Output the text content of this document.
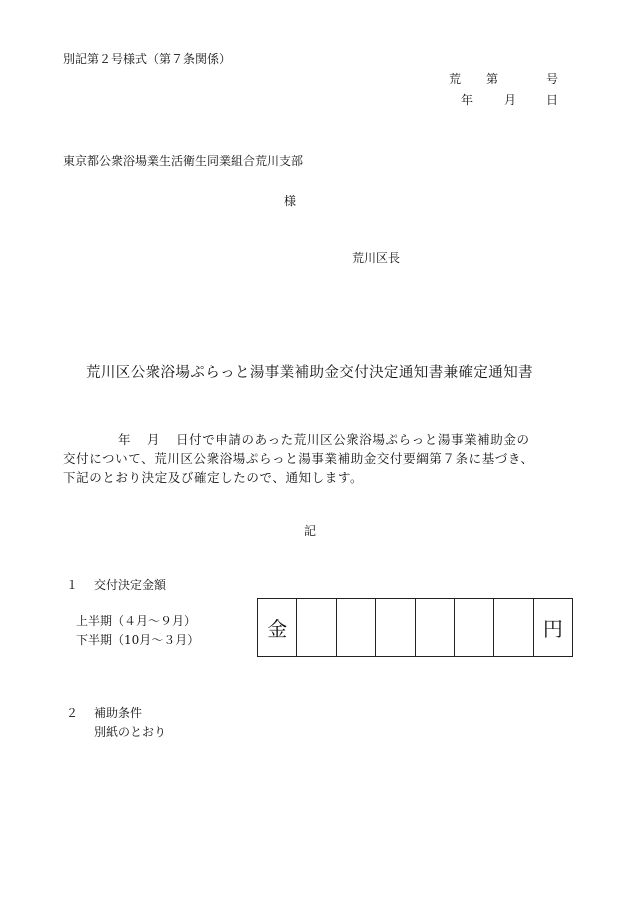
別記第２号様式（第７条関係）
荒 第	号
年	月 日
東京都公衆浴場業生活衛生同業組合荒川支部
様
荒川区長
荒川区公衆浴場ぷらっと湯事業補助金交付決定通知書兼確定通知書
年 月 日付で申請のあった荒川区公衆浴場ぷらっと湯事業補助金の
交付について、荒川区公衆浴場ぷらっと湯事業補助金交付要綱第７条に基づき、
下記のとおり決定及び確定したので、通知します。
記
１ 交付決定金額
上半期（４月～９月）
下半期（10月～３月）	金	円
２ 補助条件
別紙のとおり
